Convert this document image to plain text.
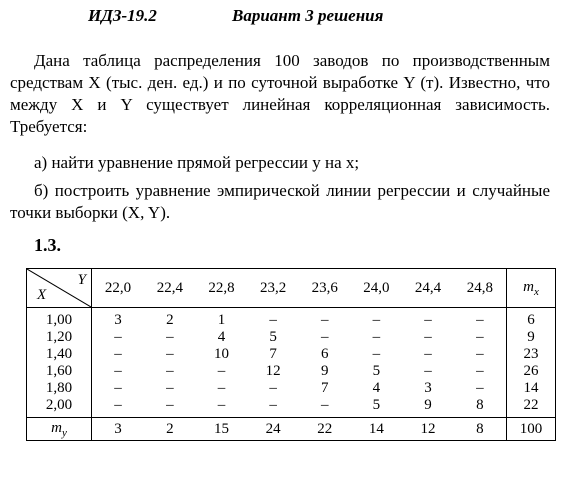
ИДЗ-19.2	Вариант 3 решения
Дана таблица распределения 100 заводов по производственным средствам X (тыс. ден. ед.) и по суточной выработке Y (т). Известно, что между X и Y существует линейная корреляционная зависимость. Требуется:
а) найти уравнение прямой регрессии y на x;
б) построить уравнение эмпирической линии регрессии и случайные точки выборки (X, Y).
1.3.
Y
X	22,0	22,4	22,8	23,2	23,6	24,0	24,4	24,8	$m_x$
1,00	3	2	1	–	–	–	–	–	6
1,20	–	–	4	5	–	–	–	–	9
1,40	–	–	10	7	6	–	–	–	23
1,60	–	–	–	12	9	5	–	–	26
1,80	–	–	–	–	7	4	3	–	14
2,00	–	–	–	–	–	5	9	8	22
$m_y$	3	2	15	24	22	14	12	8	100
